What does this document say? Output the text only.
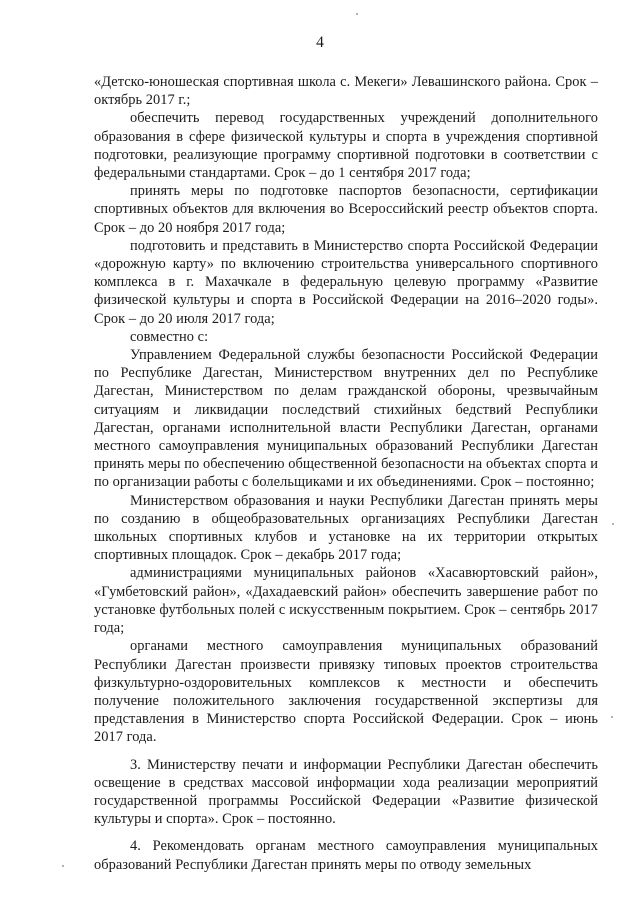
4

«Детско-юношеская спортивная школа с. Мекеги» Левашинского района. Срок – октябрь 2017 г.;

обеспечить перевод государственных учреждений дополнительного образования в сфере физической культуры и спорта в учреждения спортивной подготовки, реализующие программу спортивной подготовки в соответствии с федеральными стандартами. Срок – до 1 сентября 2017 года;

принять меры по подготовке паспортов безопасности, сертификации спортивных объектов для включения во Всероссийский реестр объектов спорта. Срок – до 20 ноября 2017 года;

подготовить и представить в Министерство спорта Российской Федерации «дорожную карту» по включению строительства универсального спортивного комплекса в г. Махачкале в федеральную целевую программу «Развитие физической культуры и спорта в Российской Федерации на 2016–2020 годы». Срок – до 20 июля 2017 года;

совместно с:

Управлением Федеральной службы безопасности Российской Федерации по Республике Дагестан, Министерством внутренних дел по Республике Дагестан, Министерством по делам гражданской обороны, чрезвычайным ситуациям и ликвидации последствий стихийных бедствий Республики Дагестан, органами исполнительной власти Республики Дагестан, органами местного самоуправления муниципальных образований Республики Дагестан принять меры по обеспечению общественной безопасности на объектах спорта и по организации работы с болельщиками и их объединениями. Срок – постоянно;

Министерством образования и науки Республики Дагестан принять меры по созданию в общеобразовательных организациях Республики Дагестан школьных спортивных клубов и установке на их территории открытых спортивных площадок. Срок – декабрь 2017 года;

администрациями муниципальных районов «Хасавюртовский район», «Гумбетовский район», «Дахадаевский район» обеспечить завершение работ по установке футбольных полей с искусственным покрытием. Срок – сентябрь 2017 года;

органами местного самоуправления муниципальных образований Республики Дагестан произвести привязку типовых проектов строительства физкультурно-оздоровительных комплексов к местности и обеспечить получение положительного заключения государственной экспертизы для представления в Министерство спорта Российской Федерации. Срок – июнь 2017 года.

3. Министерству печати и информации Республики Дагестан обеспечить освещение в средствах массовой информации хода реализации мероприятий государственной программы Российской Федерации «Развитие физической культуры и спорта». Срок – постоянно.

4. Рекомендовать органам местного самоуправления муниципальных образований Республики Дагестан принять меры по отводу земельных
